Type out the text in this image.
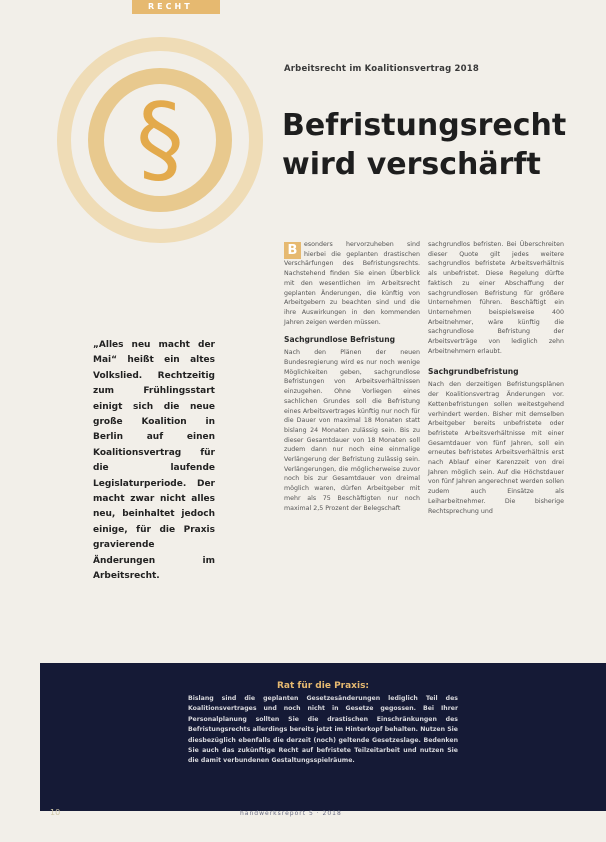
RECHT
§
Arbeitsrecht im Koalitionsvertrag 2018
Befristungsrecht
wird verschärft

„Alles neu macht der Mai“ heißt ein altes Volkslied. Rechtzeitig zum Frühlingsstart einigt sich die neue große Koalition in Berlin auf einen Koalitionsvertrag für die laufende Legislaturperiode. Der macht zwar nicht alles neu, beinhaltet jedoch einige, für die Praxis gravierende Änderungen im Arbeitsrecht.

B	esonders hervorzuheben sind hierbei die geplanten drastischen Verschärfungen des Befristungsrechts. Nachstehend finden Sie einen Überblick mit den wesentlichen im Arbeitsrecht geplanten Änderungen, die künftig von Arbeitgebern zu beachten sind und die ihre Auswirkungen in den kommenden Jahren zeigen werden müssen.

Sachgrundlose Befristung

Nach den Plänen der neuen Bundesregierung wird es nur noch wenige Möglichkeiten geben, sachgrundlose Befristungen von Arbeitsverhältnissen einzugehen. Ohne Vorliegen eines sachlichen Grundes soll die Befristung eines Arbeitsvertrages künftig nur noch für die Dauer von maximal 18 Monaten statt bislang 24 Monaten zulässig sein. Bis zu dieser Gesamtdauer von 18 Monaten soll zudem dann nur noch eine einmalige Verlängerung der Befristung zulässig sein. Verlängerungen, die möglicherweise zuvor noch bis zur Gesamtdauer von dreimal möglich waren, dürfen Arbeitgeber mit mehr als 75 Beschäftigten nur noch maximal 2,5 Prozent der Belegschaft

sachgrundlos befristen. Bei Überschreiten dieser Quote gilt jedes weitere sachgrundlos befristete Arbeitsverhältnis als unbefristet. Diese Regelung dürfte faktisch zu einer Abschaffung der sachgrundlosen Befristung für größere Unternehmen führen. Beschäftigt ein Unternehmen beispielsweise 400 Arbeitnehmer, wäre künftig die sachgrundlose Befristung der Arbeitsverträge von lediglich zehn Arbeitnehmern erlaubt.

Sachgrundbefristung

Nach den derzeitigen Befristungsplänen der Koalitionsvertrag Änderungen vor. Kettenbefristungen sollen weitestgehend verhindert werden. Bisher mit demselben Arbeitgeber bereits unbefristete oder befristete Arbeitsverhältnisse mit einer Gesamtdauer von fünf Jahren, soll ein erneutes befristetes Arbeitsverhältnis erst nach Ablauf einer Karenzzeit von drei Jahren möglich sein. Auf die Höchstdauer von fünf Jahren angerechnet werden sollen zudem auch Einsätze als Leiharbeitnehmer. Die bisherige Rechtsprechung und

Rat für die Praxis:

Bislang sind die geplanten Gesetzesänderungen lediglich Teil des Koalitionsvertrages und noch nicht in Gesetze gegossen. Bei Ihrer Personalplanung sollten Sie die drastischen Einschränkungen des Befristungsrechts allerdings bereits jetzt im Hinterkopf behalten. Nutzen Sie diesbezüglich ebenfalls die derzeit (noch) geltende Gesetzeslage. Bedenken Sie auch das zukünftige Recht auf befristete Teilzeitarbeit und nutzen Sie die damit verbundenen Gestaltungsspielräume.

10	handwerksreport 5 · 2018
